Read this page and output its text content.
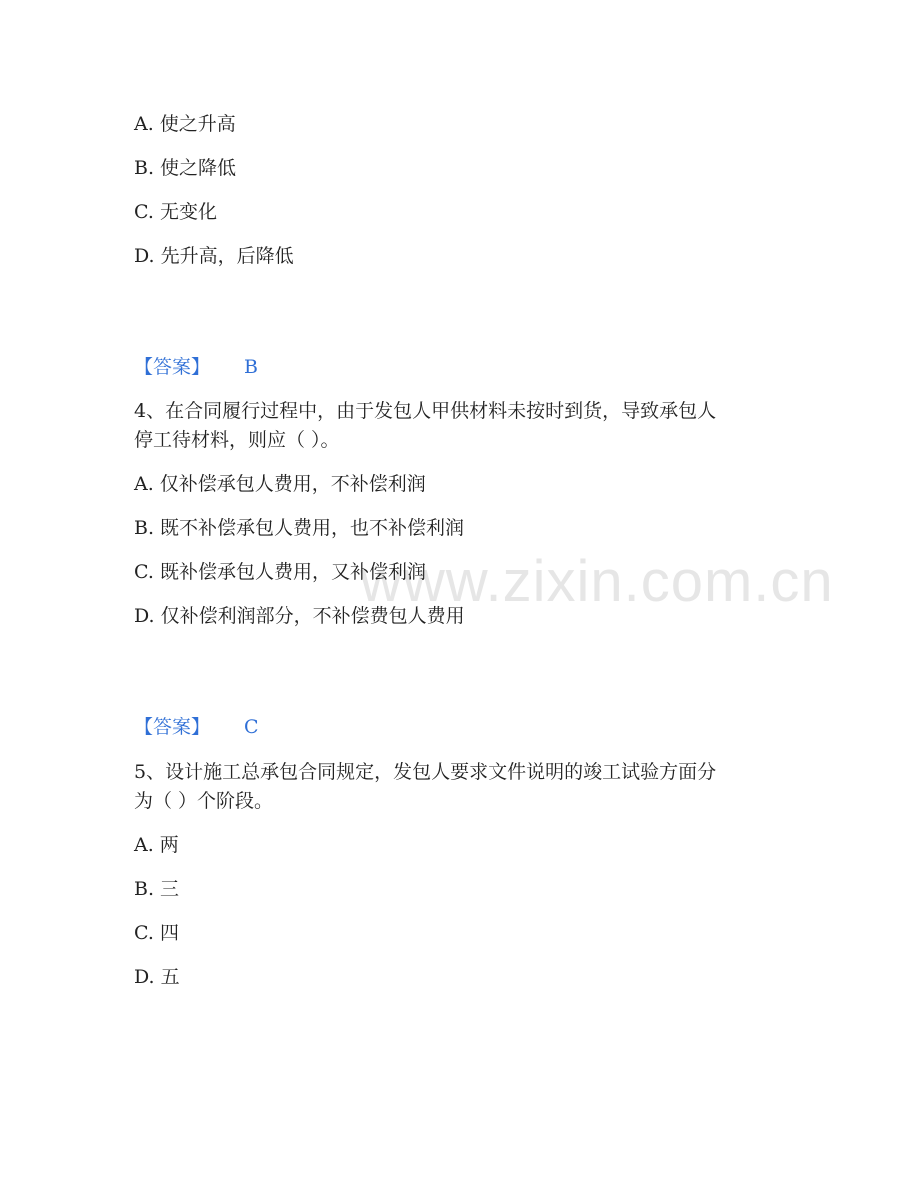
www.zixin.com.cn
A. 使之升高
B. 使之降低
C. 无变化
D. 先升高，后降低
【答案】 B
4、在合同履行过程中，由于发包人甲供材料未按时到货，导致承包人
停工待材料，则应（ ）。
A. 仅补偿承包人费用，不补偿利润
B. 既不补偿承包人费用，也不补偿利润
C. 既补偿承包人费用，又补偿利润
D. 仅补偿利润部分，不补偿费包人费用
【答案】 C
5、设计施工总承包合同规定，发包人要求文件说明的竣工试验方面分
为（ ）个阶段。
A. 两
B. 三
C. 四
D. 五
